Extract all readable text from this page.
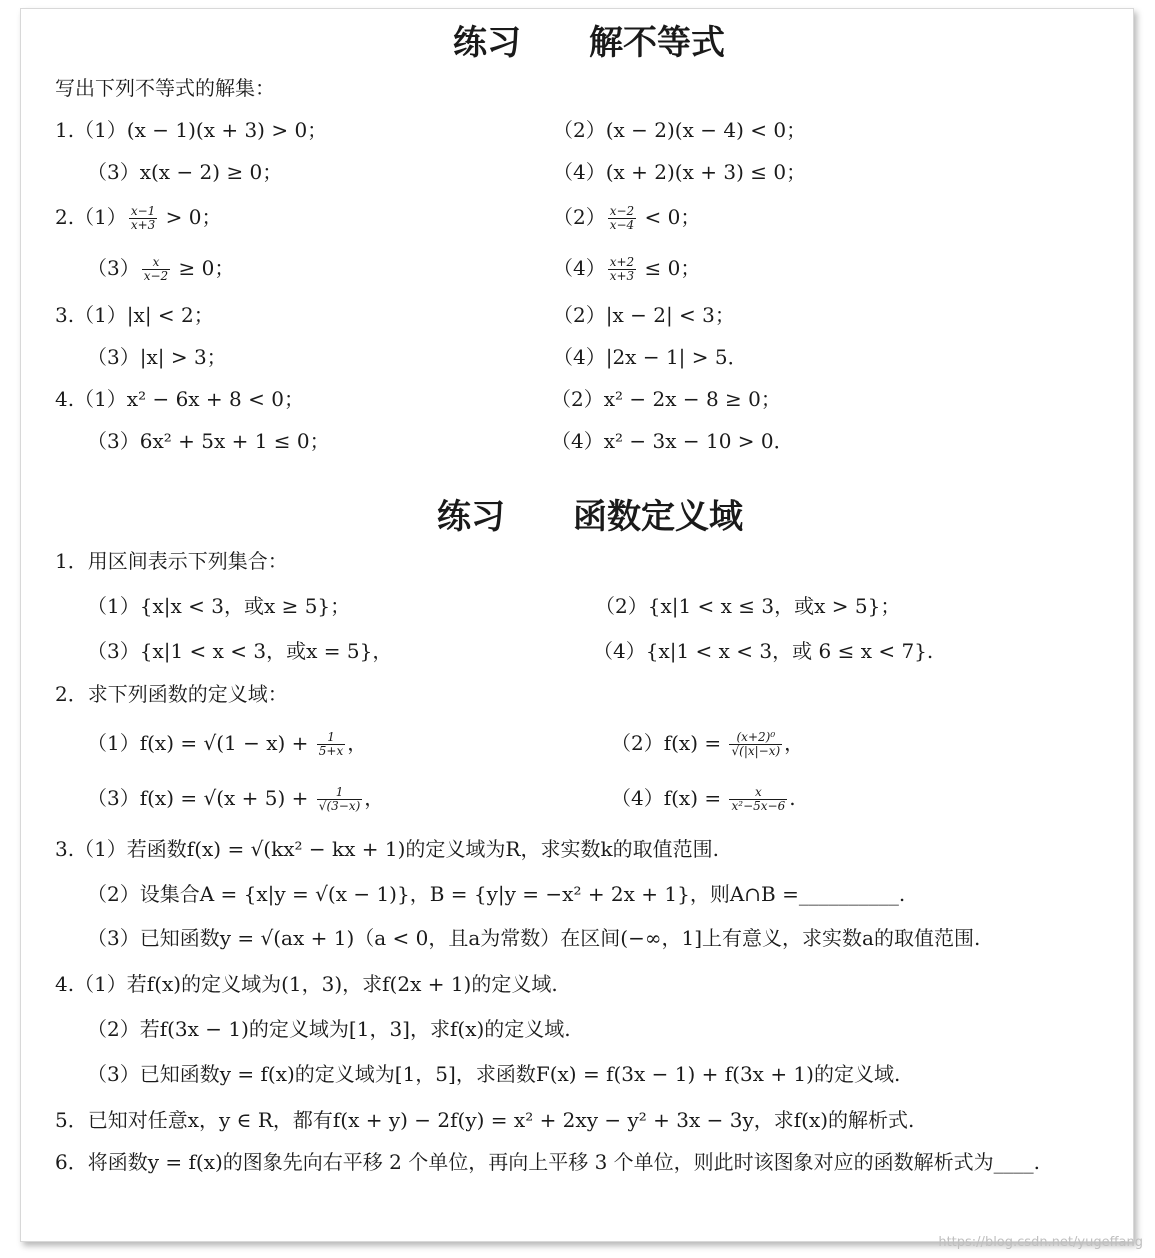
练习　　解不等式
写出下列不等式的解集：
1.（1）(x − 1)(x + 3) > 0；	（2）(x − 2)(x − 4) < 0；
（3）x(x − 2) ≥ 0；	（4）(x + 2)(x + 3) ≤ 0；
$2.(1) \frac{x-1}{x+3} > 0$；	$(2) \frac{x-2}{x-4} < 0$；
$(3) \frac{x}{x-2} \ge 0$；	$(4) \frac{x+2}{x+3} \le 0$；
3.（1）|x| < 2；	（2）|x − 2| < 3；
（3）|x| > 3；	（4）|2x − 1| > 5．
4.（1）x² − 6x + 8 < 0；	（2）x² − 2x − 8 ≥ 0；
（3）6x² + 5x + 1 ≤ 0；	（4）x² − 3x − 10 > 0．
练习　　函数定义域
1．用区间表示下列集合：
（1）{x|x < 3，或x ≥ 5}；	（2）{x|1 < x ≤ 3，或x > 5}；
（3）{x|1 < x < 3，或x = 5}，	（4）{x|1 < x < 3，或 6 ≤ x < 7}.
2．求下列函数的定义域：
$(1)f(x) = √(1 - x) + \frac{1}{5+x}$ ，	$(2)f(x) = \frac{\text{(x+2)⁰}}{√(|x|-x)}$ ，
$(3)f(x) = √(x + 5) + \frac{1}{√(3-x)}$ ，	$(4)f(x) = \frac{x}{\text{x²−5x−6}}$ .
3.（1）若函数f(x) = √(kx² − kx + 1)的定义域为R，求实数k的取值范围.
（2）设集合A = {x|y = √(x − 1)}，B = {y|y = −x² + 2x + 1}，则A∩B =__________.
（3）已知函数y = √(ax + 1)（a < 0，且a为常数）在区间(−∞，1]上有意义，求实数a的取值范围.
4.（1）若f(x)的定义域为(1，3)，求f(2x + 1)的定义域.
（2）若f(3x − 1)的定义域为[1，3]，求f(x)的定义域.
（3）已知函数y = f(x)的定义域为[1，5]，求函数F(x) = f(3x − 1) + f(3x + 1)的定义域.
5．已知对任意x，y ∈ R，都有f(x + y) − 2f(y) = x² + 2xy − y² + 3x − 3y，求f(x)的解析式.
6．将函数y = f(x)的图象先向右平移 2 个单位，再向上平移 3 个单位，则此时该图象对应的函数解析式为____.
https://blog.csdn.net/yugeffang
